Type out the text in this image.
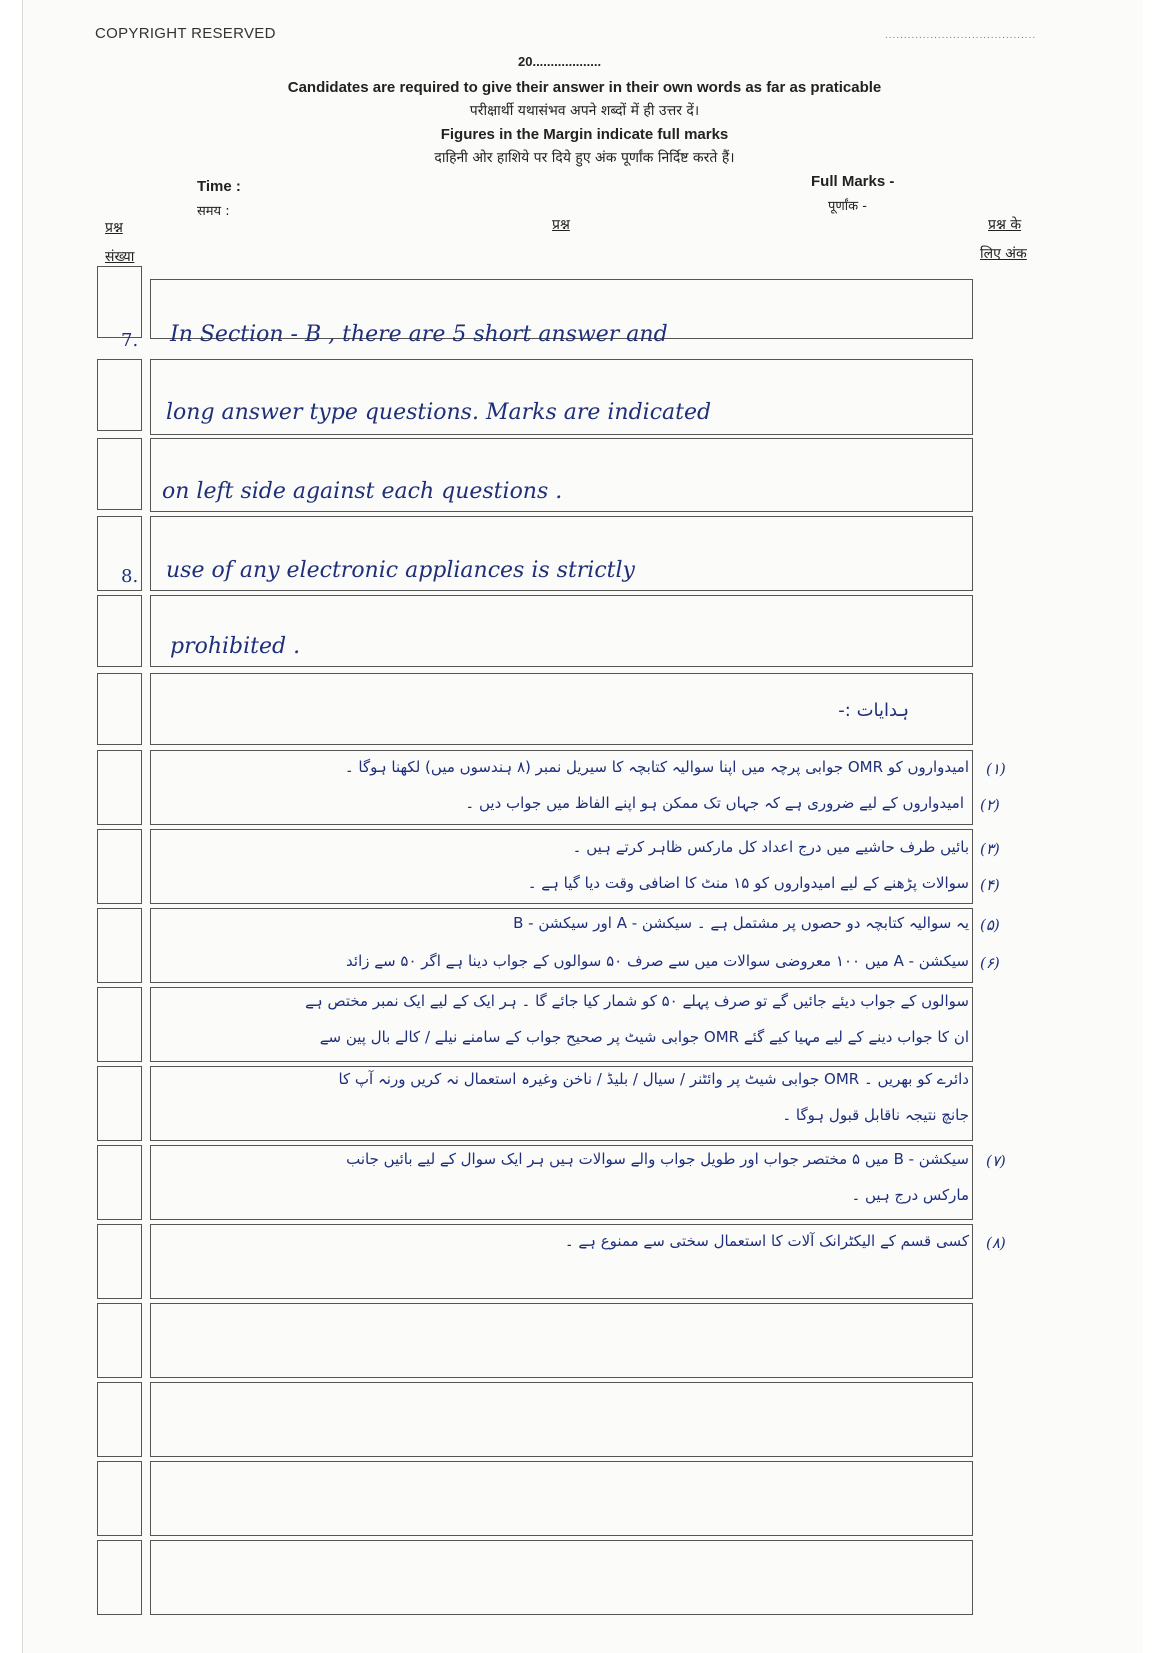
COPYRIGHT RESERVED	........................................
20...................
Candidates are required to give their answer in their own words as far as praticable
परीक्षार्थी यथासंभव अपने शब्दों में ही उत्तर दें।
Figures in the Margin indicate full marks
दाहिनी ओर हाशिये पर दिये हुए अंक पूर्णांक निर्दिष्ट करते हैं।
Time :
समय :
Full Marks -
पूर्णांक -
प्रश्न
संख्या
प्रश्न	प्रश्न के
लिए अंक
7. In Section - B , there are 5 short answer and
long answer type questions. Marks are indicated
on left side against each questions .
8. use of any electronic appliances is strictly
prohibited .
ہدایات :-
(۱)
امیدواروں کو OMR جوابی پرچہ میں اپنا سوالیہ کتابچہ کا سیریل نمبر (۸ ہندسوں میں) لکھنا ہوگا ۔
(۲)
امیدواروں کے لیے ضروری ہے کہ جہاں تک ممکن ہو اپنے الفاظ میں جواب دیں ۔
(۳)
بائیں طرف حاشیے میں درج اعداد کل مارکس ظاہر کرتے ہیں ۔
(۴)
سوالات پڑھنے کے لیے امیدواروں کو ۱۵ منٹ کا اضافی وقت دیا گیا ہے ۔
(۵)
یہ سوالیہ کتابچہ دو حصوں پر مشتمل ہے ۔ سیکشن - A اور سیکشن - B
(۶)
سیکشن - A میں ۱۰۰ معروضی سوالات میں سے صرف ۵۰ سوالوں کے جواب دینا ہے اگر ۵۰ سے زائد
سوالوں کے جواب دیئے جائیں گے تو صرف پہلے ۵۰ کو شمار کیا جائے گا ۔ ہر ایک کے لیے ایک نمبر مختص ہے
ان کا جواب دینے کے لیے مہیا کیے گئے OMR جوابی شیٹ پر صحیح جواب کے سامنے نیلے / کالے بال پین سے
دائرے کو بھریں ۔ OMR جوابی شیٹ پر وائٹنر / سیال / بلیڈ / ناخن وغیرہ استعمال نہ کریں ورنہ آپ کا
جانچ نتیجہ ناقابل قبول ہوگا ۔
(۷)
سیکشن - B میں ۵ مختصر جواب اور طویل جواب والے سوالات ہیں ہر ایک سوال کے لیے بائیں جانب
مارکس درج ہیں ۔
(۸)
کسی قسم کے الیکٹرانک آلات کا استعمال سختی سے ممنوع ہے ۔
